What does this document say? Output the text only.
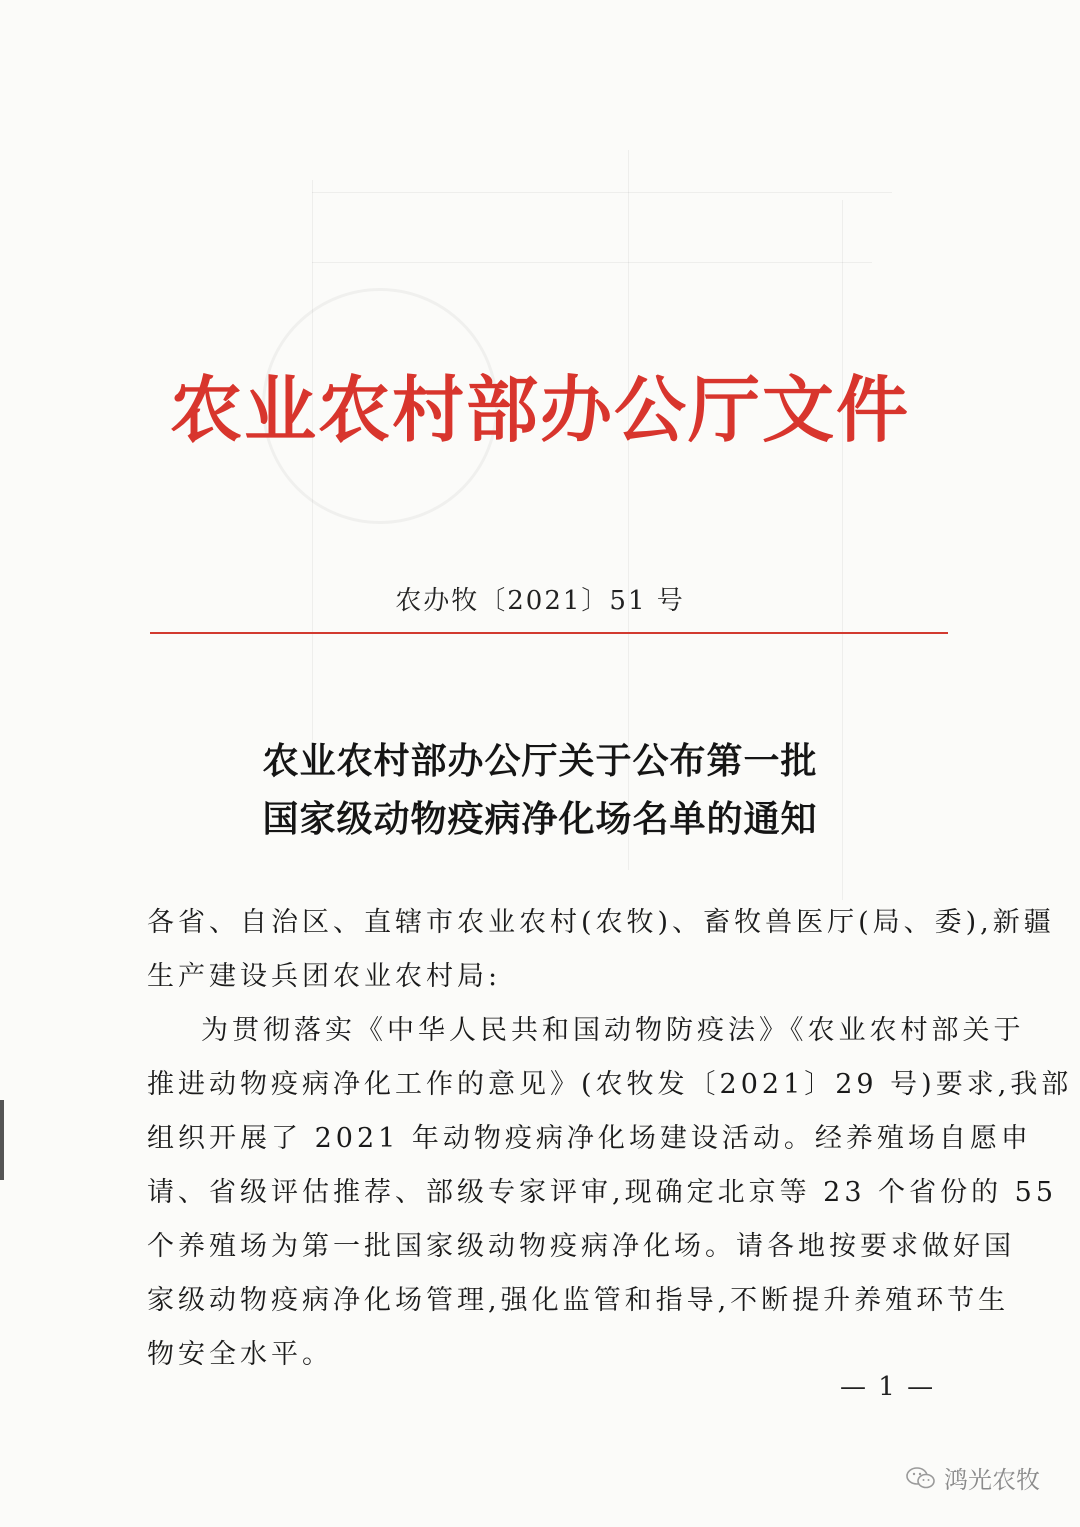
农业农村部办公厅文件
农办牧〔2021〕51 号
农业农村部办公厅关于公布第一批
国家级动物疫病净化场名单的通知
各省、自治区、直辖市农业农村(农牧)、畜牧兽医厅(局、委),新疆
生产建设兵团农业农村局:
为贯彻落实《中华人民共和国动物防疫法》《农业农村部关于
推进动物疫病净化工作的意见》(农牧发〔2021〕29 号)要求,我部
组织开展了 2021 年动物疫病净化场建设活动。经养殖场自愿申
请、省级评估推荐、部级专家评审,现确定北京等 23 个省份的 55
个养殖场为第一批国家级动物疫病净化场。请各地按要求做好国
家级动物疫病净化场管理,强化监管和指导,不断提升养殖环节生
物安全水平。
— 1 —
鸿光农牧
